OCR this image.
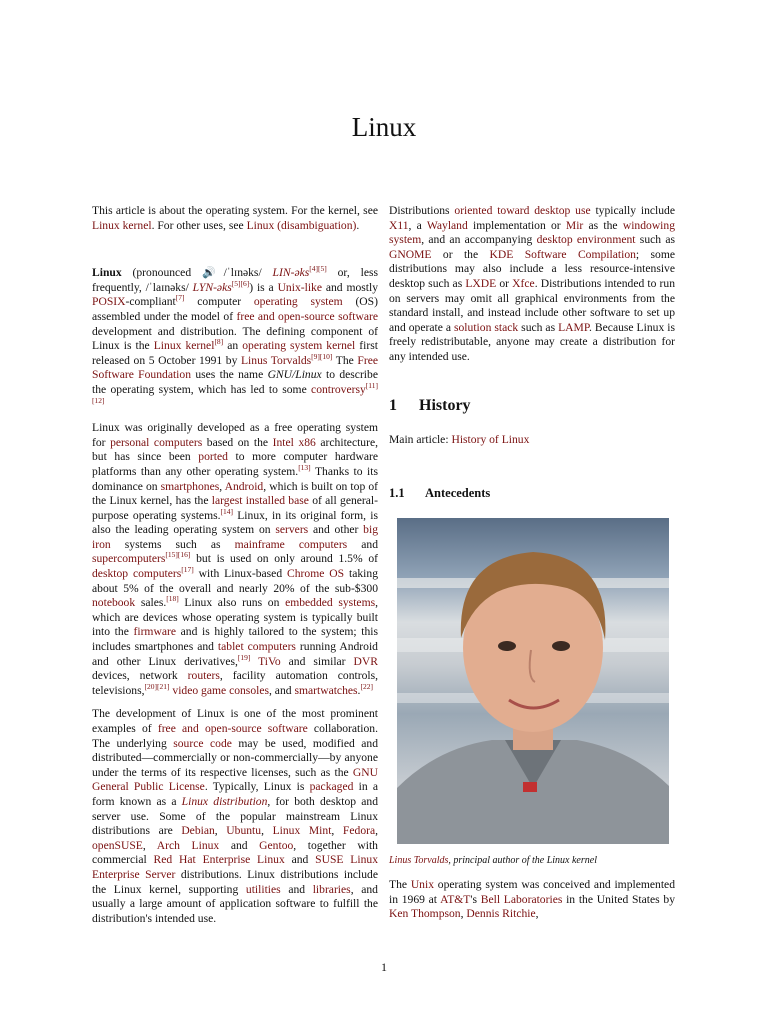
Linux

This article is about the operating system. For the kernel, see Linux kernel. For other uses, see Linux (disambiguation).

Linux (pronounced 🔊/ˈlɪnəks/ LIN-əks[4][5] or, less frequently, /ˈlaɪnəks/ LYN-əks[5][6]) is a Unix-like and mostly POSIX-compliant[7] computer operating system (OS) assembled under the model of free and open-source software development and distribution. The defining component of Linux is the Linux kernel[8] an operating system kernel first released on 5 October 1991 by Linus Torvalds[9][10] The Free Software Foundation uses the name GNU/Linux to describe the operating system, which has led to some controversy[11][12]

Linux was originally developed as a free operating system for personal computers based on the Intel x86 architecture, but has since been ported to more computer hardware platforms than any other operating system.[13] Thanks to its dominance on smartphones, Android, which is built on top of the Linux kernel, has the largest installed base of all general-purpose operating systems.[14] Linux, in its original form, is also the leading operating system on servers and other big iron systems such as mainframe computers and supercomputers[15][16] but is used on only around 1.5% of desktop computers[17] with Linux-based Chrome OS taking about 5% of the overall and nearly 20% of the sub-$300 notebook sales.[18] Linux also runs on embedded systems, which are devices whose operating system is typically built into the firmware and is highly tailored to the system; this includes smartphones and tablet computers running Android and other Linux derivatives,[19] TiVo and similar DVR devices, network routers, facility automation controls, televisions,[20][21] video game consoles, and smartwatches.[22]

The development of Linux is one of the most prominent examples of free and open-source software collaboration. The underlying source code may be used, modified and distributed—commercially or non-commercially—by anyone under the terms of its respective licenses, such as the GNU General Public License. Typically, Linux is packaged in a form known as a Linux distribution, for both desktop and server use. Some of the popular mainstream Linux distributions are Debian, Ubuntu, Linux Mint, Fedora, openSUSE, Arch Linux and Gentoo, together with commercial Red Hat Enterprise Linux and SUSE Linux Enterprise Server distributions. Linux distributions include the Linux kernel, supporting utilities and libraries, and usually a large amount of application software to fulfill the distribution's intended use.

Distributions oriented toward desktop use typically include X11, a Wayland implementation or Mir as the windowing system, and an accompanying desktop environment such as GNOME or the KDE Software Compilation; some distributions may also include a less resource-intensive desktop such as LXDE or Xfce. Distributions intended to run on servers may omit all graphical environments from the standard install, and instead include other software to set up and operate a solution stack such as LAMP. Because Linux is freely redistributable, anyone may create a distribution for any intended use.

1 History

Main article: History of Linux

1.1 Antecedents

Linus Torvalds, principal author of the Linux kernel

The Unix operating system was conceived and implemented in 1969 at AT&T's Bell Laboratories in the United States by Ken Thompson, Dennis Ritchie,

1
